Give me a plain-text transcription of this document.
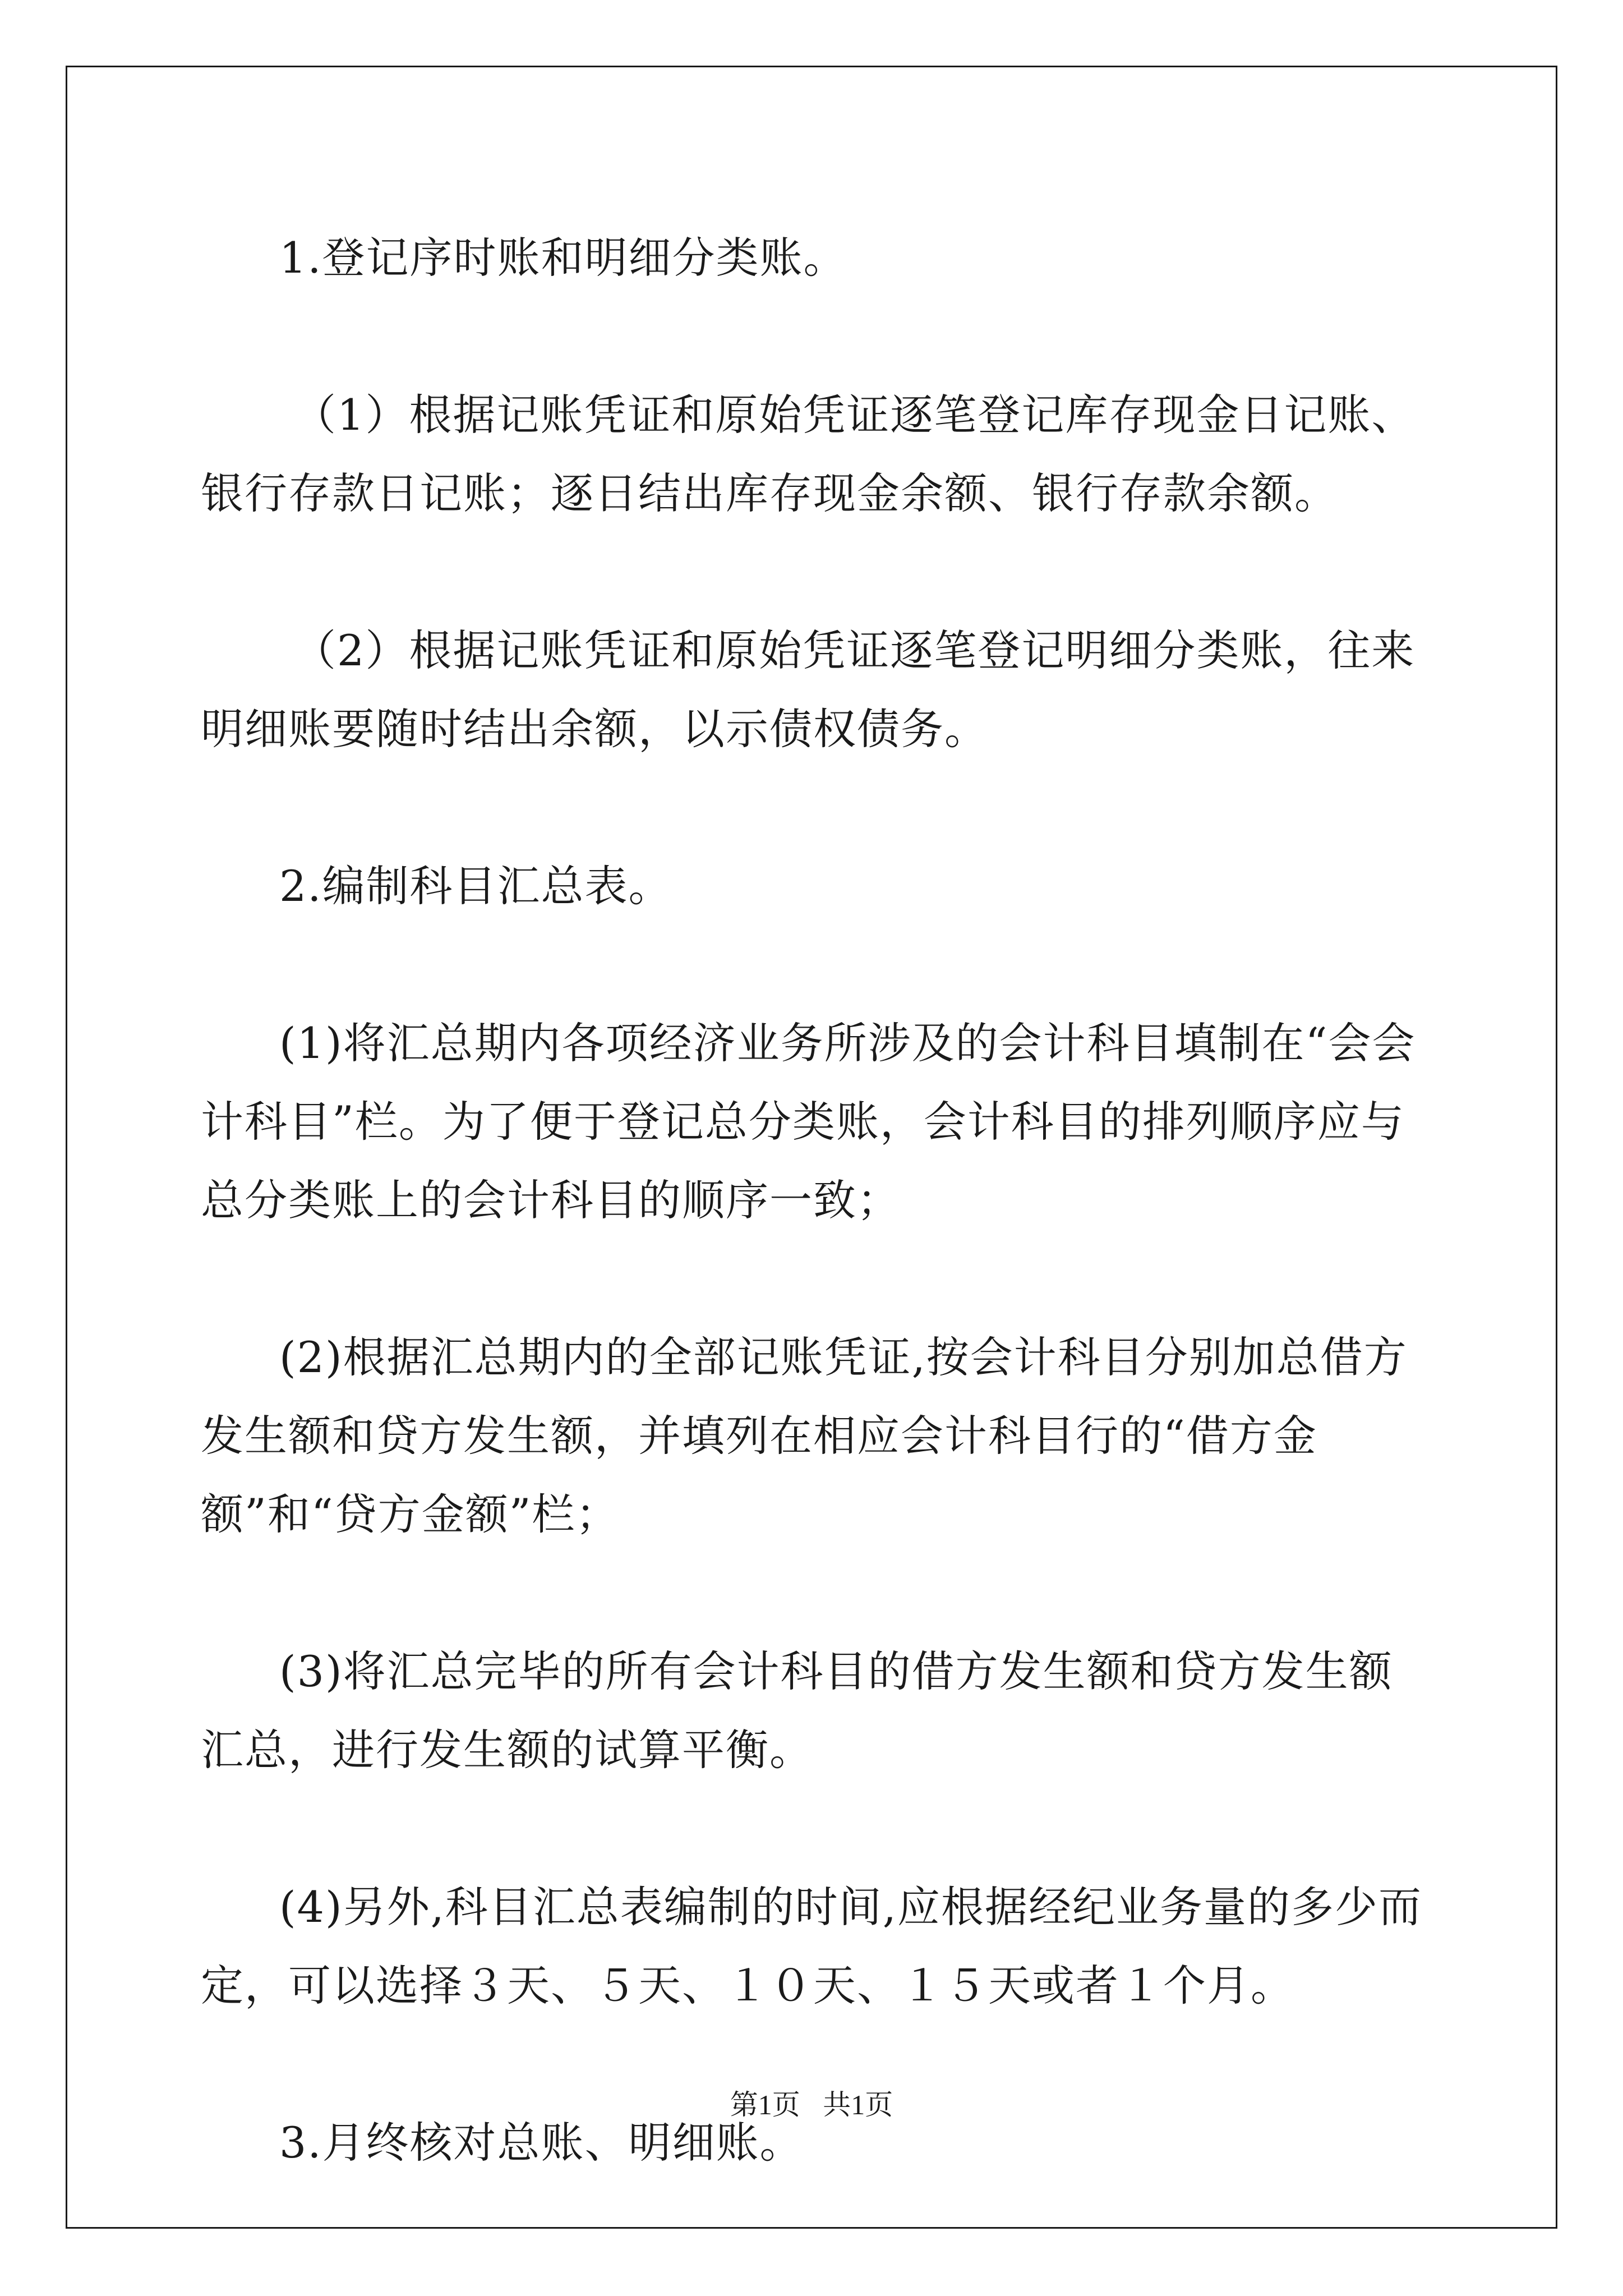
1.登记序时账和明细分类账。

（1）根据记账凭证和原始凭证逐笔登记库存现金日记账、银行存款日记账；逐日结出库存现金余额、银行存款余额。

（2）根据记账凭证和原始凭证逐笔登记明细分类账，往来明细账要随时结出余额，以示债权债务。

2.编制科目汇总表。

(1)将汇总期内各项经济业务所涉及的会计科目填制在“会会计科目”栏。为了便于登记总分类账，会计科目的排列顺序应与总分类账上的会计科目的顺序一致；

(2)根据汇总期内的全部记账凭证,按会计科目分别加总借方发生额和贷方发生额，并填列在相应会计科目行的“借方金额”和“贷方金额”栏；

(3)将汇总完毕的所有会计科目的借方发生额和贷方发生额汇总，进行发生额的试算平衡。

(4)另外,科目汇总表编制的时间,应根据经纪业务量的多少而定，可以选择３天、５天、１０天、１５天或者１个月。

3.月终核对总账、明细账。

第1页 共1页
